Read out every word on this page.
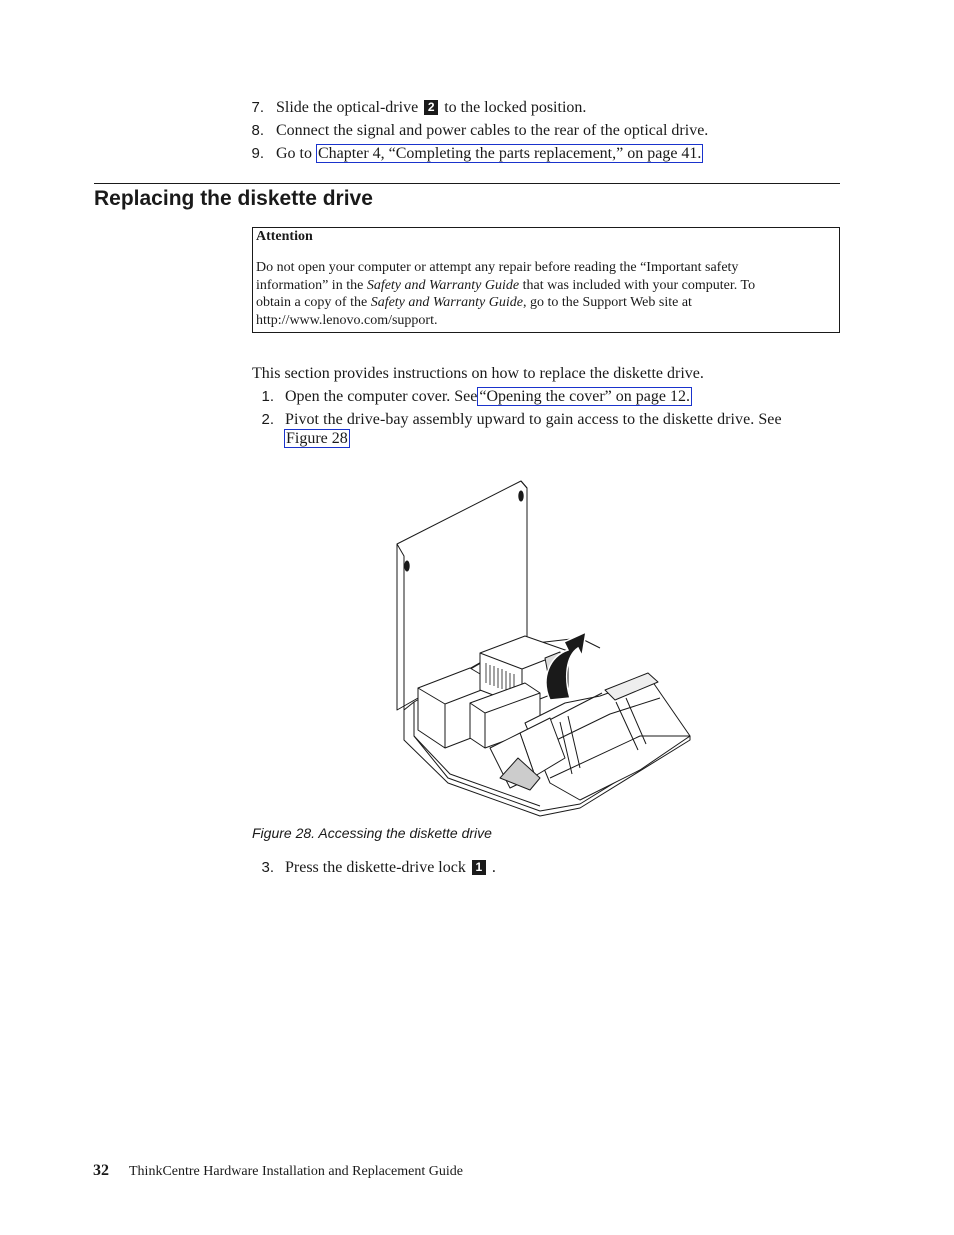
7. Slide the optical-drive 2 to the locked position.
8. Connect the signal and power cables to the rear of the optical drive.
9. Go to Chapter 4, “Completing the parts replacement,” on page 41.
Replacing the diskette drive
Attention
Do not open your computer or attempt any repair before reading the “Important safety
information” in the Safety and Warranty Guide that was included with your computer. To
obtain a copy of the Safety and Warranty Guide, go to the Support Web site at
http://www.lenovo.com/support.
This section provides instructions on how to replace the diskette drive.
1. Open the computer cover. See “Opening the cover” on page 12.
2. Pivot the drive-bay assembly upward to gain access to the diskette drive. See
Figure 28
Figure 28. Accessing the diskette drive
3. Press the diskette-drive lock 1 .
32 ThinkCentre Hardware Installation and Replacement Guide
